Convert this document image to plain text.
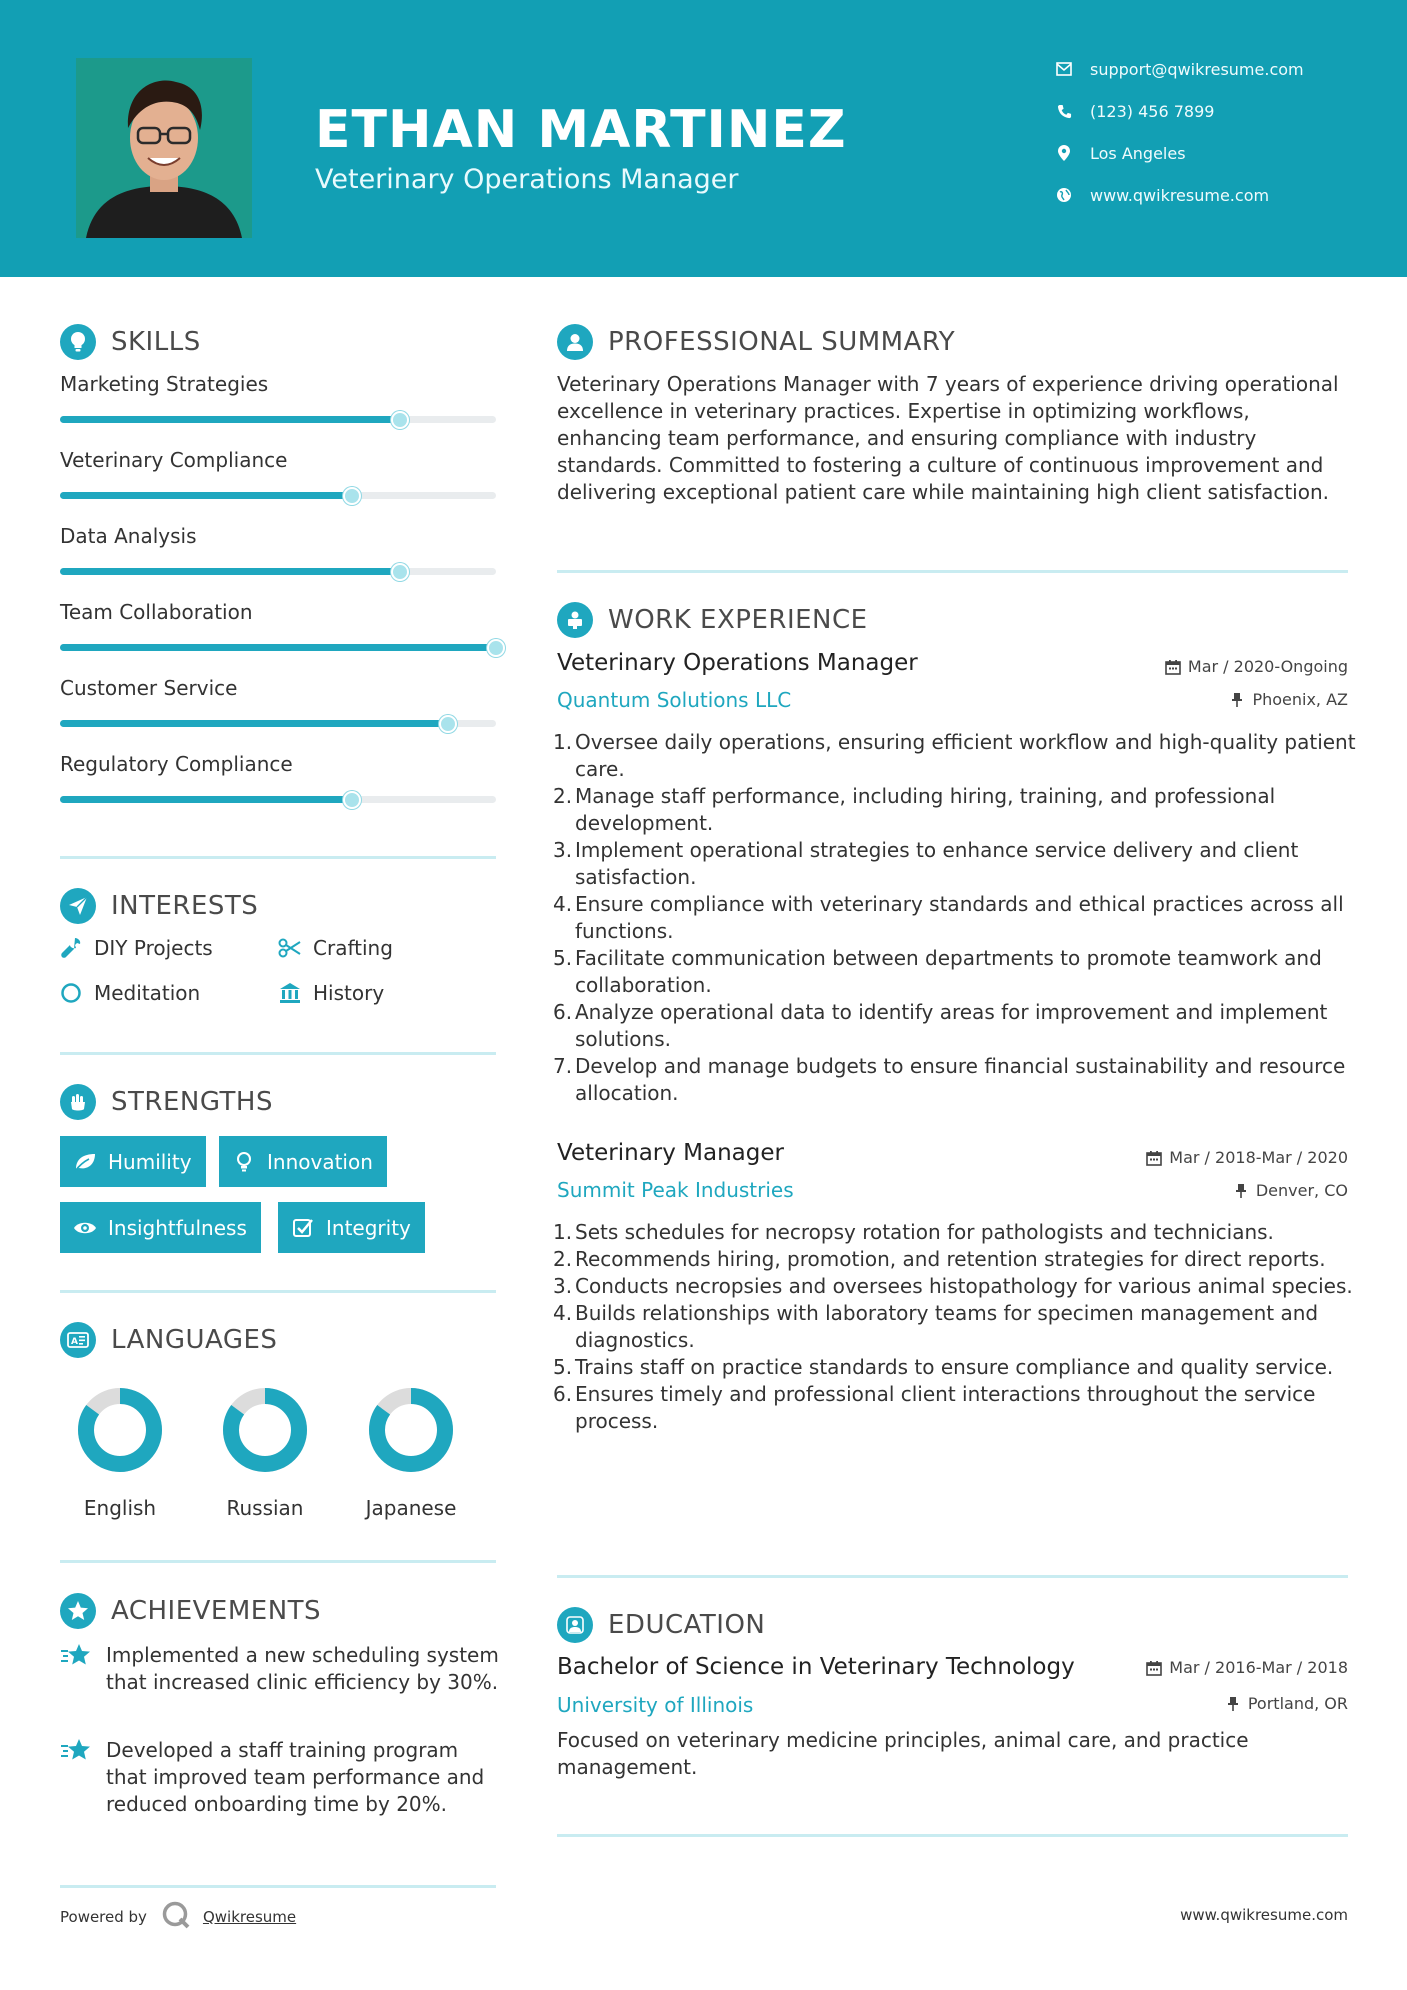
ETHAN MARTINEZ
Veterinary Operations Manager
support@qwikresume.com
(123) 456 7899
Los Angeles
www.qwikresume.com
SKILLS
Marketing Strategies
Veterinary Compliance
Data Analysis
Team Collaboration
Customer Service
Regulatory Compliance
INTERESTS
DIY Projects	Crafting
Meditation	History
STRENGTHS
Humility	Innovation
Insightfulness	Integrity
A LANGUAGES
English	Russian	Japanese
ACHIEVEMENTS

Implemented a new scheduling system that increased clinic efficiency by 30%.

Developed a staff training program that improved team performance and reduced onboarding time by 20%.

PROFESSIONAL SUMMARY

Veterinary Operations Manager with 7 years of experience driving operational excellence in veterinary practices. Expertise in optimizing workflows, enhancing team performance, and ensuring compliance with industry standards. Committed to fostering a culture of continuous improvement and delivering exceptional patient care while maintaining high client satisfaction.

WORK EXPERIENCE
Veterinary Operations Manager	Mar / 2020-Ongoing
Quantum Solutions LLC	Phoenix, AZ
Oversee daily operations, ensuring efficient workflow and high-quality patient care.
Manage staff performance, including hiring, training, and professional development.
Implement operational strategies to enhance service delivery and client satisfaction.
Ensure compliance with veterinary standards and ethical practices across all functions.
Facilitate communication between departments to promote teamwork and collaboration.
Analyze operational data to identify areas for improvement and implement solutions.
Develop and manage budgets to ensure financial sustainability and resource allocation.
Veterinary Manager	Mar / 2018-Mar / 2020
Summit Peak Industries	Denver, CO
Sets schedules for necropsy rotation for pathologists and technicians.
Recommends hiring, promotion, and retention strategies for direct reports.
Conducts necropsies and oversees histopathology for various animal species.
Builds relationships with laboratory teams for specimen management and diagnostics.
Trains staff on practice standards to ensure compliance and quality service.
Ensures timely and professional client interactions throughout the service process.
EDUCATION
Bachelor of Science in Veterinary Technology	Mar / 2016-Mar / 2018
University of Illinois	Portland, OR

Focused on veterinary medicine principles, animal care, and practice management.

Powered by	Qwikresume	www.qwikresume.com
